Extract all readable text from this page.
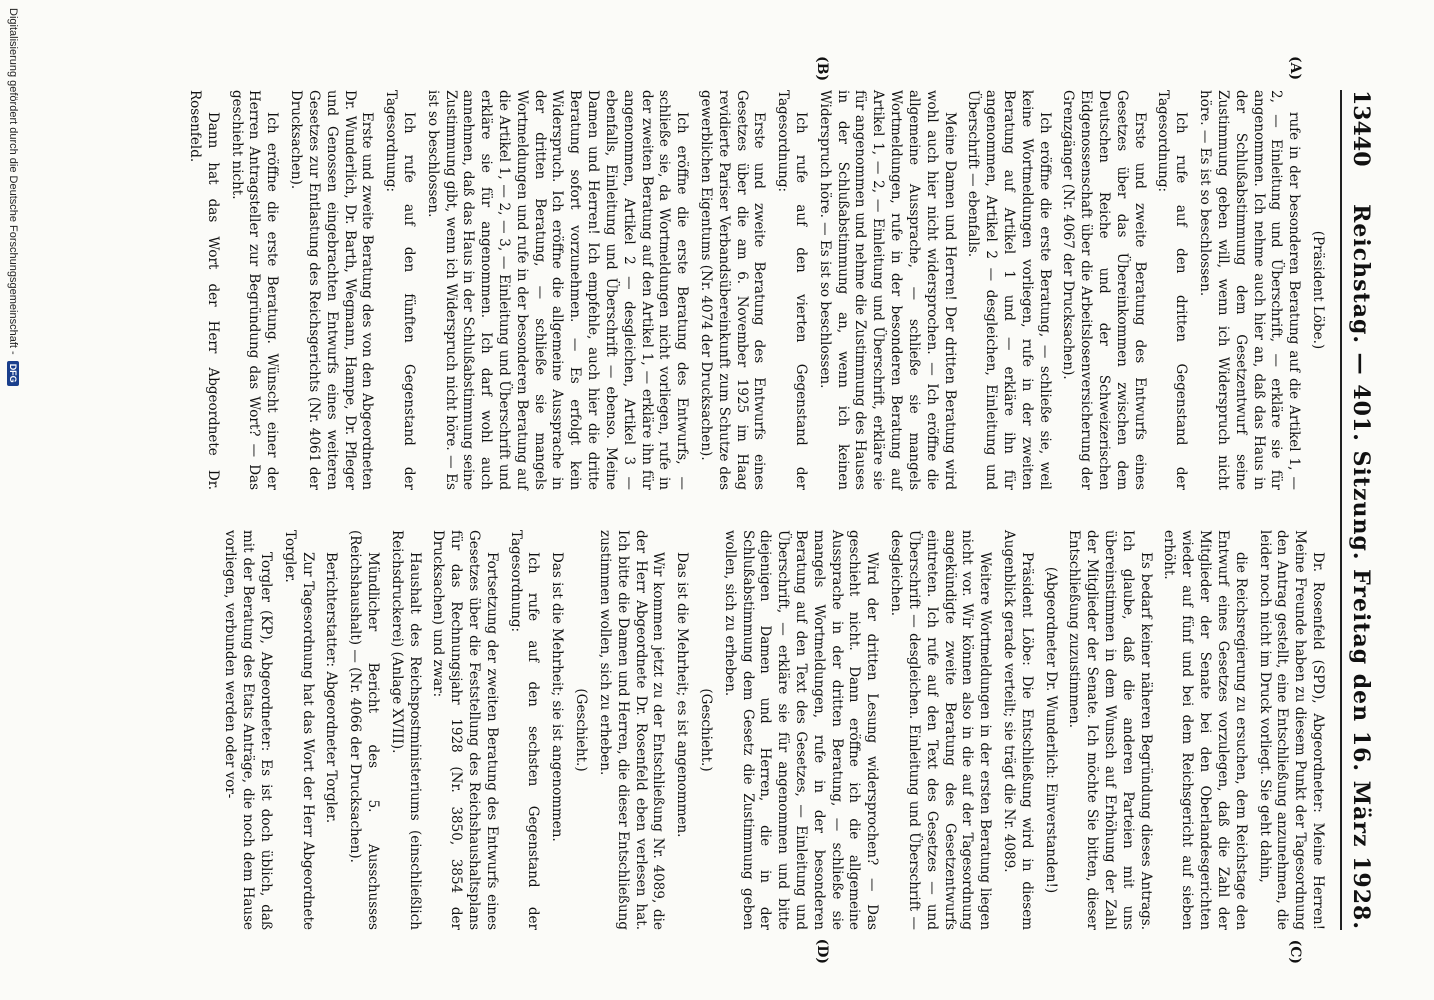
13440
Reichstag. — 401. Sitzung. Freitag den 16. März 1928.
(A)
(B)

(Präsident Löbe.)

rufe in der besonderen Beratung auf die Artikel 1, — 2, — Einleitung und Überschrift, — erkläre sie für angenommen. Ich nehme auch hier an, daß das Haus in der Schlußabstimmung dem Gesetzentwurf seine Zustimmung geben will, wenn ich Widerspruch nicht höre. — Es ist so beschlossen.

Ich rufe auf den dritten Gegenstand der Tagesordnung:

Erste und zweite Beratung des Entwurfs eines Gesetzes über das Übereinkommen zwischen dem Deutschen Reiche und der Schweizerischen Eidgenossenschaft über die Arbeitslosenversicherung der Grenzgänger (Nr. 4067 der Drucksachen).

Ich eröffne die erste Beratung, — schließe sie, weil keine Wortmeldungen vorliegen, rufe in der zweiten Beratung auf Artikel 1 und — erkläre ihn für angenommen, Artikel 2 — desgleichen, Einleitung und Überschrift — ebenfalls.

Meine Damen und Herren! Der dritten Beratung wird wohl auch hier nicht widersprochen. — Ich eröffne die allgemeine Aussprache, — schließe sie mangels Wortmeldungen, rufe in der besonderen Beratung auf Artikel 1, — 2, — Einleitung und Überschrift, erkläre sie für angenommen und nehme die Zustimmung des Hauses in der Schlußabstimmung an, wenn ich keinen Widerspruch höre. — Es ist so beschlossen.

Ich rufe auf den vierten Gegenstand der Tagesordnung:

Erste und zweite Beratung des Entwurfs eines Gesetzes über die am 6. November 1925 im Haag revidierte Pariser Verbandsübereinkunft zum Schutze des gewerblichen Eigentums (Nr. 4074 der Drucksachen).

Ich eröffne die erste Beratung des Entwurfs, — schließe sie, da Wortmeldungen nicht vorliegen, rufe in der zweiten Beratung auf den Artikel 1, — erkläre ihn für angenommen, Artikel 2 — desgleichen, Artikel 3 — ebenfalls, Einleitung und Überschrift — ebenso. Meine Damen und Herren! Ich empfehle, auch hier die dritte Beratung sofort vorzunehmen. — Es erfolgt kein Widerspruch. Ich eröffne die allgemeine Aussprache in der dritten Beratung, — schließe sie mangels Wortmeldungen und rufe in der besonderen Beratung auf die Artikel 1, — 2, — 3, — Einleitung und Überschrift und erkläre sie für angenommen. Ich darf wohl auch annehmen, daß das Haus in der Schlußabstimmung seine Zustimmung gibt, wenn ich Widerspruch nicht höre. — Es ist so beschlossen.

Ich rufe auf den fünften Gegenstand der Tagesordnung:

Erste und zweite Beratung des von den Abgeordneten Dr. Wunderlich, Dr. Barth, Wegmann, Hampe, Dr. Pfleger und Genossen eingebrachten Entwurfs eines weiteren Gesetzes zur Entlastung des Reichsgerichts (Nr. 4061 der Drucksachen).

Ich eröffne die erste Beratung. Wünscht einer der Herren Antragsteller zur Begründung das Wort? — Das geschieht nicht.

Dann hat das Wort der Herr Abgeordnete Dr. Rosenfeld.

(C)
(D)

Dr. Rosenfeld (SPD), Abgeordneter: Meine Herren! Meine Freunde haben zu diesem Punkt der Tagesordnung den Antrag gestellt, eine Entschließung anzunehmen, die leider noch nicht im Druck vorliegt. Sie geht dahin,

die Reichsregierung zu ersuchen, dem Reichstage den Entwurf eines Gesetzes vorzulegen, daß die Zahl der Mitglieder der Senate bei den Oberlandesgerichten wieder auf fünf und bei dem Reichsgericht auf sieben erhöht.

Es bedarf keiner näheren Begründung dieses Antrags. Ich glaube, daß die anderen Parteien mit uns übereinstimmen in dem Wunsch auf Erhöhung der Zahl der Mitglieder der Senate. Ich möchte Sie bitten, dieser Entschließung zuzustimmen.

(Abgeordneter Dr. Wunderlich: Einverstanden!)

Präsident Löbe: Die Entschließung wird in diesem Augenblick gerade verteilt; sie trägt die Nr. 4089.

Weitere Wortmeldungen in der ersten Beratung liegen nicht vor. Wir können also in die auf der Tagesordnung angekündigte zweite Beratung des Gesetzentwurfs eintreten. Ich rufe auf den Text des Gesetzes — und Überschrift — desgleichen. Einleitung und Überschrift — desgleichen.

Wird der dritten Lesung widersprochen? — Das geschieht nicht. Dann eröffne ich die allgemeine Aussprache in der dritten Beratung, — schließe sie mangels Wortmeldungen, rufe in der besonderen Beratung auf den Text des Gesetzes, — Einleitung und Überschrift, — erkläre sie für angenommen und bitte diejenigen Damen und Herren, die in der Schlußabstimmung dem Gesetz die Zustimmung geben wollen, sich zu erheben.

(Geschieht.)

Das ist die Mehrheit; es ist angenommen.

Wir kommen jetzt zu der Entschließung Nr. 4089, die der Herr Abgeordnete Dr. Rosenfeld eben verlesen hat. Ich bitte die Damen und Herren, die dieser Entschließung zustimmen wollen, sich zu erheben.

(Geschieht.)

Das ist die Mehrheit; sie ist angenommen.

Ich rufe auf den sechsten Gegenstand der Tagesordnung:

Fortsetzung der zweiten Beratung des Entwurfs eines Gesetzes über die Feststellung des Reichshaushaltsplans für das Rechnungsjahr 1928 (Nr. 3850, 3854 der Drucksachen) und zwar:

Haushalt des Reichspostministeriums (einschließlich Reichsdruckerei) (Anlage XVIII).

Mündlicher Bericht des 5. Ausschusses (Reichshaushalt) — (Nr. 4066 der Drucksachen).

Berichterstatter: Abgeordneter Torgler.

Zur Tagesordnung hat das Wort der Herr Abgeordnete Torgler.

Torgler (KP), Abgeordneter: Es ist doch üblich, daß mit der Beratung des Etats Anträge, die noch dem Hause vorliegen, verbunden werden oder vor-

Digitalisierung gefördert durch die Deutsche Forschungsgemeinschaft -
DFG
